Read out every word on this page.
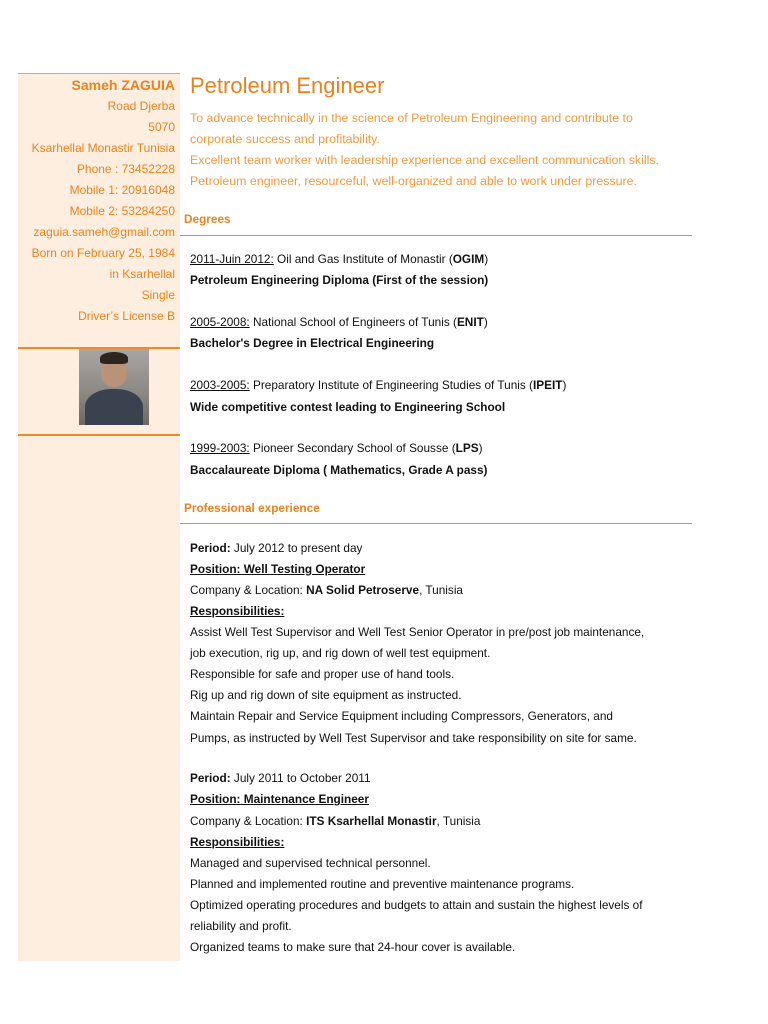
Sameh ZAGUIA
Road Djerba
5070
Ksarhellal Monastir Tunisia
Phone : 73452228
Mobile 1: 20916048
Mobile 2: 53284250
zaguia.sameh@gmail.com
Born on February 25, 1984
in Ksarhellal
Single
Driver’s License B
Petroleum Engineer
To advance technically in the science of Petroleum Engineering and contribute to
corporate success and profitability.
Excellent team worker with leadership experience and excellent communication skills.
Petroleum engineer, resourceful, well-organized and able to work under pressure.
Degrees
2011-Juin 2012: Oil and Gas Institute of Monastir (OGIM)
Petroleum Engineering Diploma (First of the session)
2005-2008: National School of Engineers of Tunis (ENIT)
Bachelor's Degree in Electrical Engineering
2003-2005: Preparatory Institute of Engineering Studies of Tunis (IPEIT)
Wide competitive contest leading to Engineering School
1999-2003: Pioneer Secondary School of Sousse (LPS)
Baccalaureate Diploma ( Mathematics, Grade A pass)
Professional experience
Period: July 2012 to present day
Position: Well Testing Operator
Company & Location: NA Solid Petroserve, Tunisia
Responsibilities:
Assist Well Test Supervisor and Well Test Senior Operator in pre/post job maintenance,
job execution, rig up, and rig down of well test equipment.
Responsible for safe and proper use of hand tools.
Rig up and rig down of site equipment as instructed.
Maintain Repair and Service Equipment including Compressors, Generators, and
Pumps, as instructed by Well Test Supervisor and take responsibility on site for same.
Period: July 2011 to October 2011
Position: Maintenance Engineer
Company & Location: ITS Ksarhellal Monastir, Tunisia
Responsibilities:
Managed and supervised technical personnel.
Planned and implemented routine and preventive maintenance programs.
Optimized operating procedures and budgets to attain and sustain the highest levels of
reliability and profit.
Organized teams to make sure that 24-hour cover is available.
